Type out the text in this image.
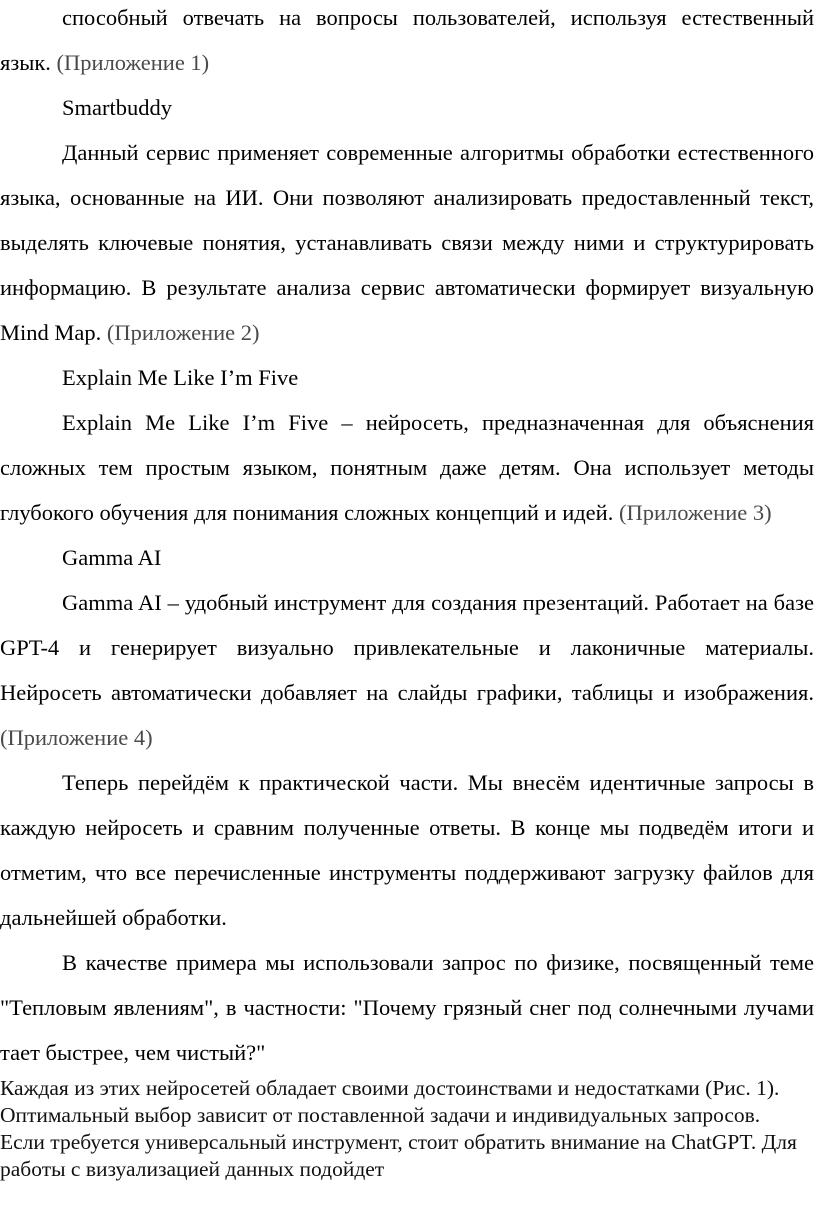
способный отвечать на вопросы пользователей, используя естественный язык. (Приложение 1)

Smartbuddy

Данный сервис применяет современные алгоритмы обработки естественного языка, основанные на ИИ. Они позволяют анализировать предоставленный текст, выделять ключевые понятия, устанавливать связи между ними и структурировать информацию. В результате анализа сервис автоматически формирует визуальную Mind Map. (Приложение 2)

Explain Me Like I’m Five

Explain Me Like I’m Five – нейросеть, предназначенная для объяснения сложных тем простым языком, понятным даже детям. Она использует методы глубокого обучения для понимания сложных концепций и идей. (Приложение 3)

Gamma AI

Gamma AI – удобный инструмент для создания презентаций. Работает на базе GPT-4 и генерирует визуально привлекательные и лаконичные материалы. Нейросеть автоматически добавляет на слайды графики, таблицы и изображения. (Приложение 4)

Теперь перейдём к практической части. Мы внесём идентичные запросы в каждую нейросеть и сравним полученные ответы. В конце мы подведём итоги и отметим, что все перечисленные инструменты поддерживают загрузку файлов для дальнейшей обработки.

В качестве примера мы использовали запрос по физике, посвященный теме "Тепловым явлениям", в частности: "Почему грязный снег под солнечными лучами тает быстрее, чем чистый?"

Каждая из этих нейросетей обладает своими достоинствами и недостатками (Рис. 1). Оптимальный выбор зависит от поставленной задачи и индивидуальных запросов. Если требуется универсальный инструмент, стоит обратить внимание на ChatGPT. Для работы с визуализацией данных подойдет
